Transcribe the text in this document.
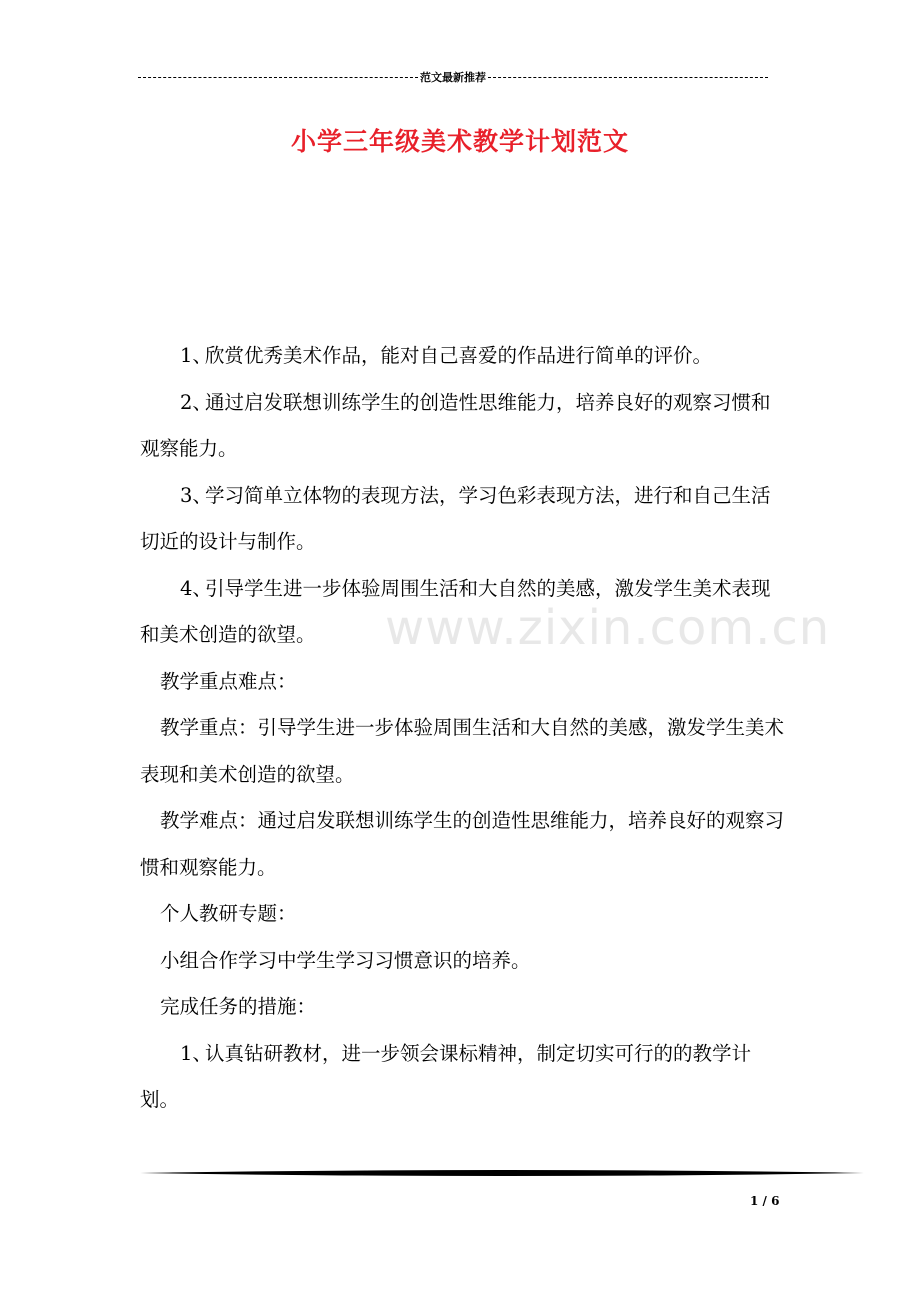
范文最新推荐
小学三年级美术教学计划范文
www.zixin.com.cn

1、欣赏优秀美术作品，能对自己喜爱的作品进行简单的评价。

2、通过启发联想训练学生的创造性思维能力，培养良好的观察习惯和观察能力。

3、学习简单立体物的表现方法，学习色彩表现方法，进行和自己生活切近的设计与制作。

4、引导学生进一步体验周围生活和大自然的美感，激发学生美术表现和美术创造的欲望。

教学重点难点：

教学重点：引导学生进一步体验周围生活和大自然的美感，激发学生美术表现和美术创造的欲望。

教学难点：通过启发联想训练学生的创造性思维能力，培养良好的观察习惯和观察能力。

个人教研专题：

小组合作学习中学生学习习惯意识的培养。

完成任务的措施：

1、认真钻研教材，进一步领会课标精神，制定切实可行的的教学计划。

1 / 6
